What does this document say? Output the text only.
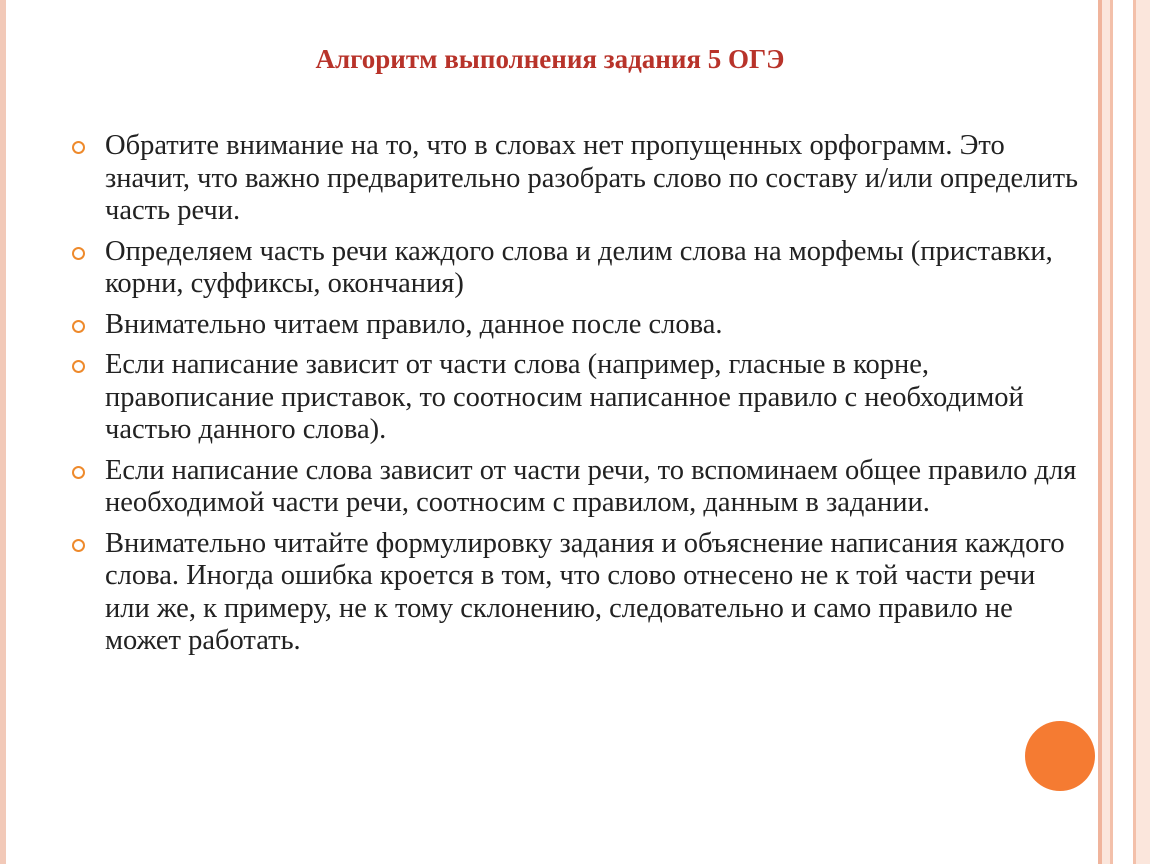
Алгоритм выполнения задания 5 ОГЭ
Обратите внимание на то, что в словах нет пропущенных орфограмм. Это значит, что важно предварительно разобрать слово по составу и/или определить часть речи.
Определяем часть речи каждого слова и делим слова на морфемы (приставки, корни, суффиксы, окончания)
Внимательно читаем правило, данное после слова.
Если написание зависит от части слова (например, гласные в корне, правописание приставок, то соотносим написанное правило с необходимой частью данного слова).
Если написание слова зависит от части речи, то вспоминаем общее правило для необходимой части речи, соотносим с правилом, данным в задании.
Внимательно читайте формулировку задания и объяснение написания каждого слова. Иногда ошибка кроется в том, что слово отнесено не к той части речи или же, к примеру, не к тому склонению, следовательно и само правило не может работать.
